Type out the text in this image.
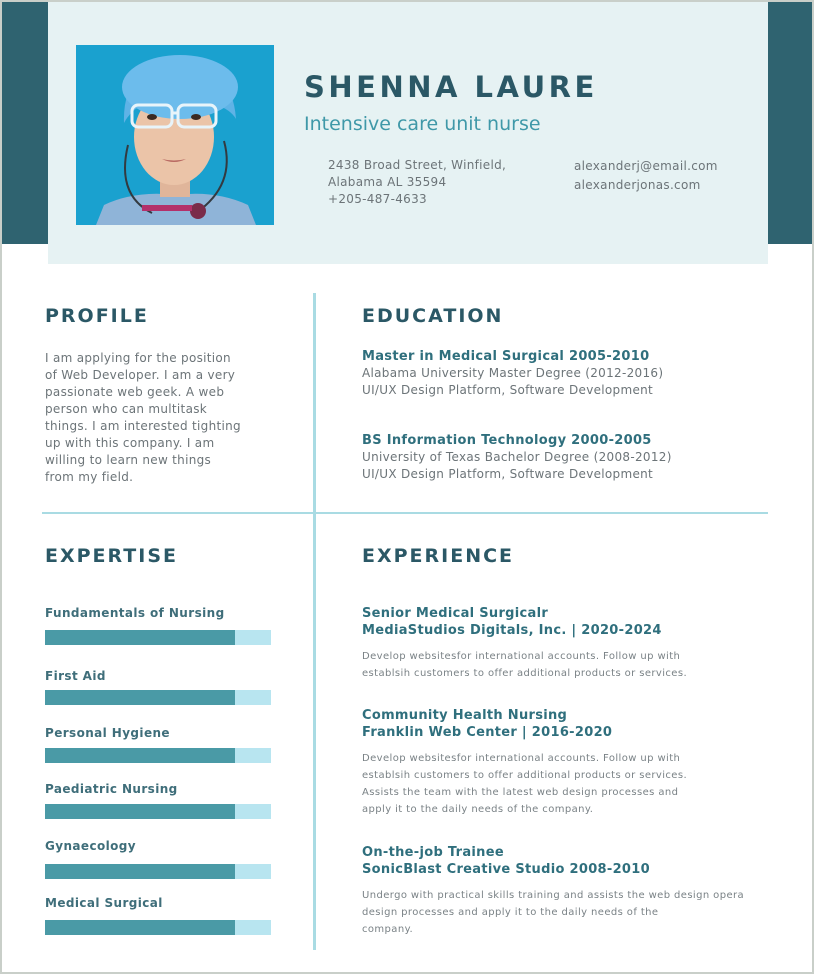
SHENNA LAURE
Intensive care unit nurse
2438 Broad Street, Winfield,
Alabama AL 35594
+205-487-4633
alexanderj@email.com
alexanderjonas.com
PROFILE
I am applying for the position
of Web Developer. I am a very
passionate web geek. A web
person who can multitask
things. I am interested tighting
up with this company. I am
willing to learn new things
from my field.
EDUCATION
Master in Medical Surgical 2005-2010
Alabama University Master Degree (2012-2016)
UI/UX Design Platform, Software Development
BS Information Technology 2000-2005
University of Texas Bachelor Degree (2008-2012)
UI/UX Design Platform, Software Development
EXPERTISE
Fundamentals of Nursing
First Aid
Personal Hygiene
Paediatric Nursing
Gynaecology
Medical Surgical
EXPERIENCE
Senior Medical Surgicalr
MediaStudios Digitals, Inc. | 2020-2024
Develop websitesfor international accounts. Follow up with
establsih customers to offer additional products or services.
Community Health Nursing
Franklin Web Center | 2016-2020
Develop websitesfor international accounts. Follow up with
establsih customers to offer additional products or services.
Assists the team with the latest web design processes and
apply it to the daily needs of the company.
On-the-job Trainee
SonicBlast Creative Studio 2008-2010
Undergo with practical skills training and assists the web design opera
design processes and apply it to the daily needs of the
company.
